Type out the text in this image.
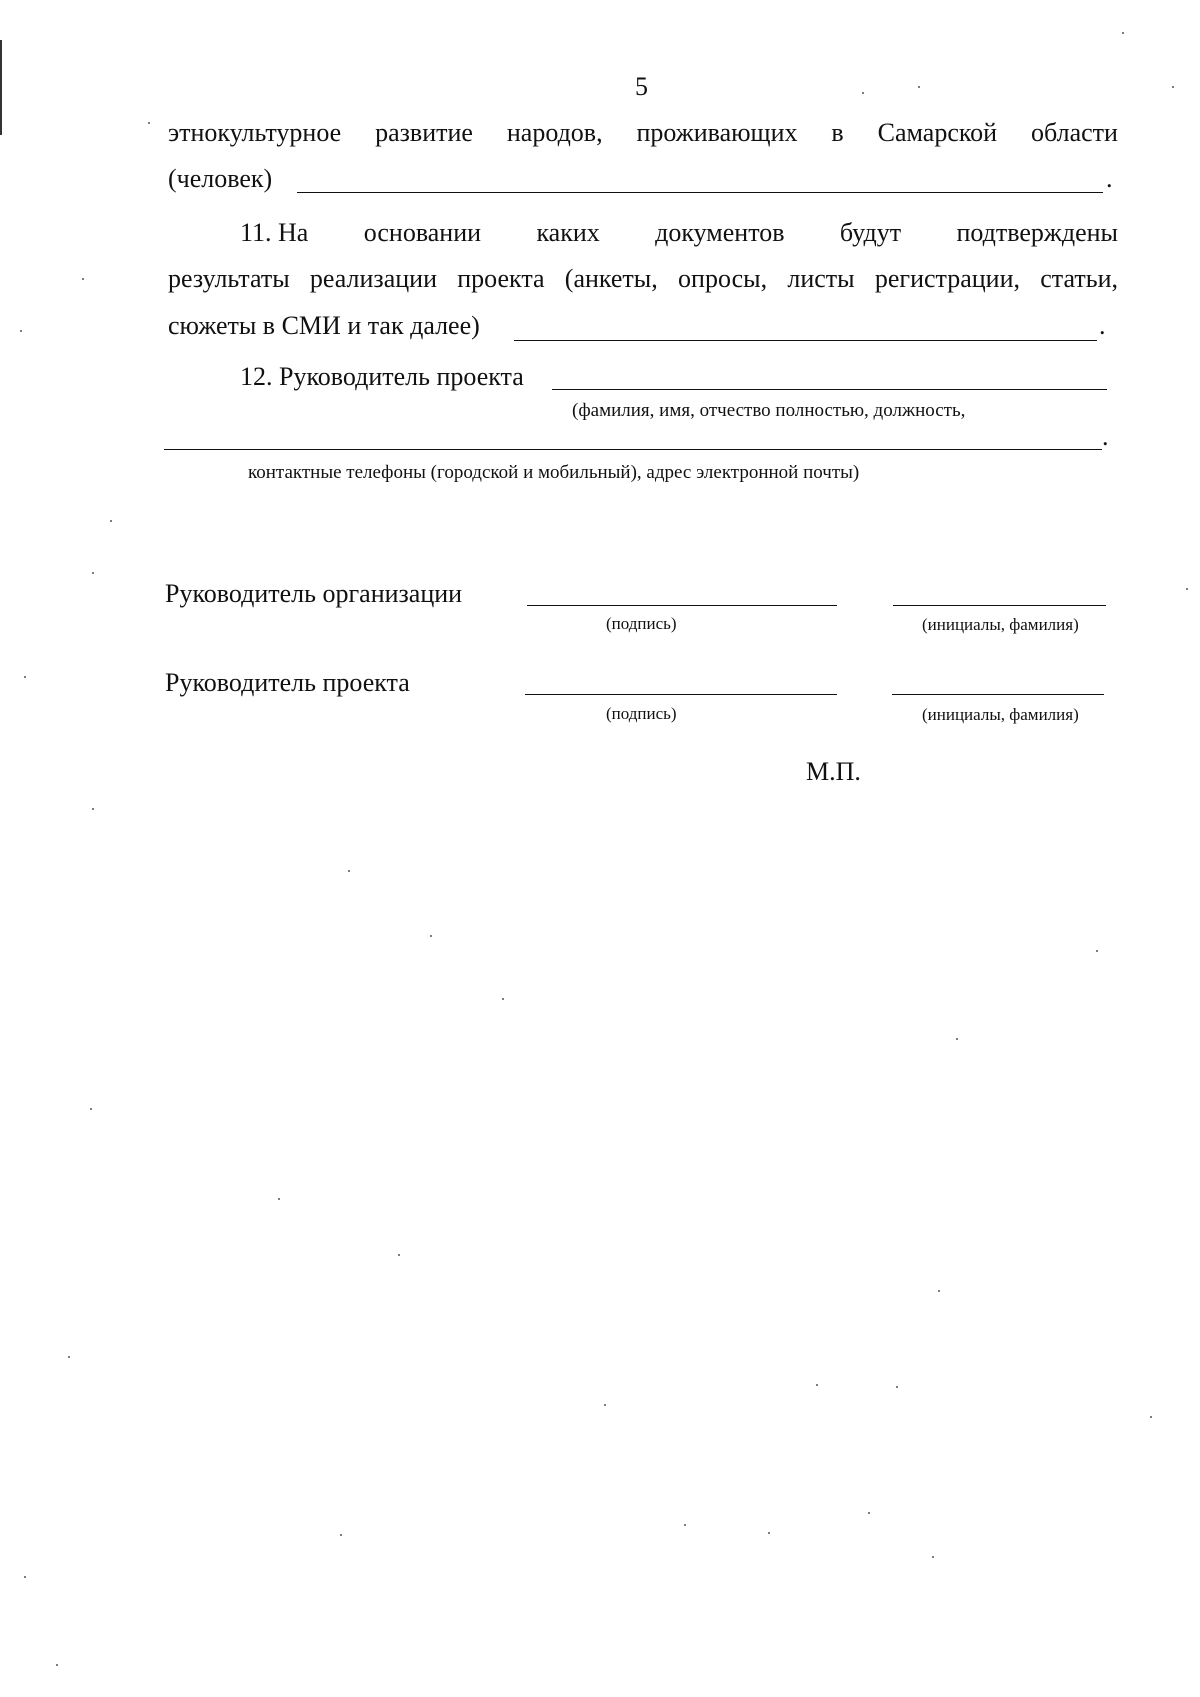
5
этнокультурное развитие народов, проживающих в Самарской области
(человек)	.
11. На основании каких документов будут подтверждены
результаты реализации проекта (анкеты, опросы, листы регистрации, статьи,
сюжеты в СМИ и так далее)	.
12. Руководитель проекта
(фамилия, имя, отчество полностью, должность,
.
контактные телефоны (городской и мобильный), адрес электронной почты)
Руководитель организации
(подпись)	(инициалы, фамилия)
Руководитель проекта
(подпись)	(инициалы, фамилия)
М.П.
